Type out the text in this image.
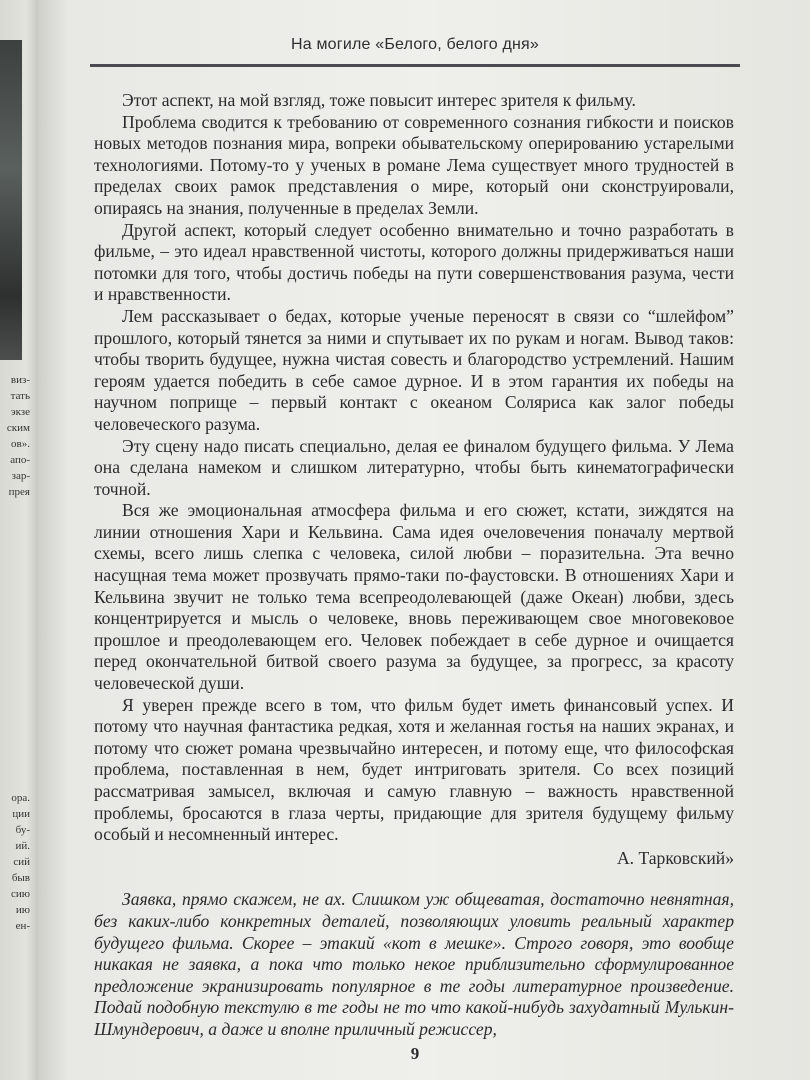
виз-
тать
экзе
ским
ов».
апо-
зар-
прея
ора.
ции
бу-
ий.
сий
быв
сию
ию
ен-
На могиле «Белого, белого дня»

Этот аспект, на мой взгляд, тоже повысит интерес зрителя к фильму.

Проблема сводится к требованию от современного сознания гибкости и поисков новых методов познания мира, вопреки обывательскому оперированию устарелыми технологиями. Потому-то у ученых в романе Лема существует много трудностей в пределах своих рамок представления о мире, который они сконструировали, опираясь на знания, полученные в пределах Земли.

Другой аспект, который следует особенно внимательно и точно разработать в фильме, – это идеал нравственной чистоты, которого должны придерживаться наши потомки для того, чтобы достичь победы на пути совершенствования разума, чести и нравственности.

Лем рассказывает о бедах, которые ученые переносят в связи со “шлейфом” прошлого, который тянется за ними и спутывает их по рукам и ногам. Вывод таков: чтобы творить будущее, нужна чистая совесть и благородство устремлений. Нашим героям удается победить в себе самое дурное. И в этом гарантия их победы на научном поприще – первый контакт с океаном Соляриса как залог победы человеческого разума.

Эту сцену надо писать специально, делая ее финалом будущего фильма. У Лема она сделана намеком и слишком литературно, чтобы быть кинематографически точной.

Вся же эмоциональная атмосфера фильма и его сюжет, кстати, зиждятся на линии отношения Хари и Кельвина. Сама идея очеловечения поначалу мертвой схемы, всего лишь слепка с человека, силой любви – поразительна. Эта вечно насущная тема может прозвучать прямо-таки по-фаустовски. В отношениях Хари и Кельвина звучит не только тема всепреодолевающей (даже Океан) любви, здесь концентрируется и мысль о человеке, вновь переживающем свое многовековое прошлое и преодолевающем его. Человек побеждает в себе дурное и очищается перед окончательной битвой своего разума за будущее, за прогресс, за красоту человеческой души.

Я уверен прежде всего в том, что фильм будет иметь финансовый успех. И потому что научная фантастика редкая, хотя и желанная гостья на наших экранах, и потому что сюжет романа чрезвычайно интересен, и потому еще, что философская проблема, поставленная в нем, будет интриговать зрителя. Со всех позиций рассматривая замысел, включая и самую главную – важность нравственной проблемы, бросаются в глаза черты, придающие для зрителя будущему фильму особый и несомненный интерес.

А. Тарковский»

Заявка, прямо скажем, не ах. Слишком уж общеватая, достаточно невнятная, без каких-либо конкретных деталей, позволяющих уловить реальный характер будущего фильма. Скорее – этакий «кот в мешке». Строго говоря, это вообще никакая не заявка, а пока что только некое приблизительно сформулированное предложение экранизировать популярное в те годы литературное произведение. Подай подобную текстулю в те годы не то что какой-нибудь захудатный Мулькин-Шмундерович, а даже и вполне приличный режиссер,

9
